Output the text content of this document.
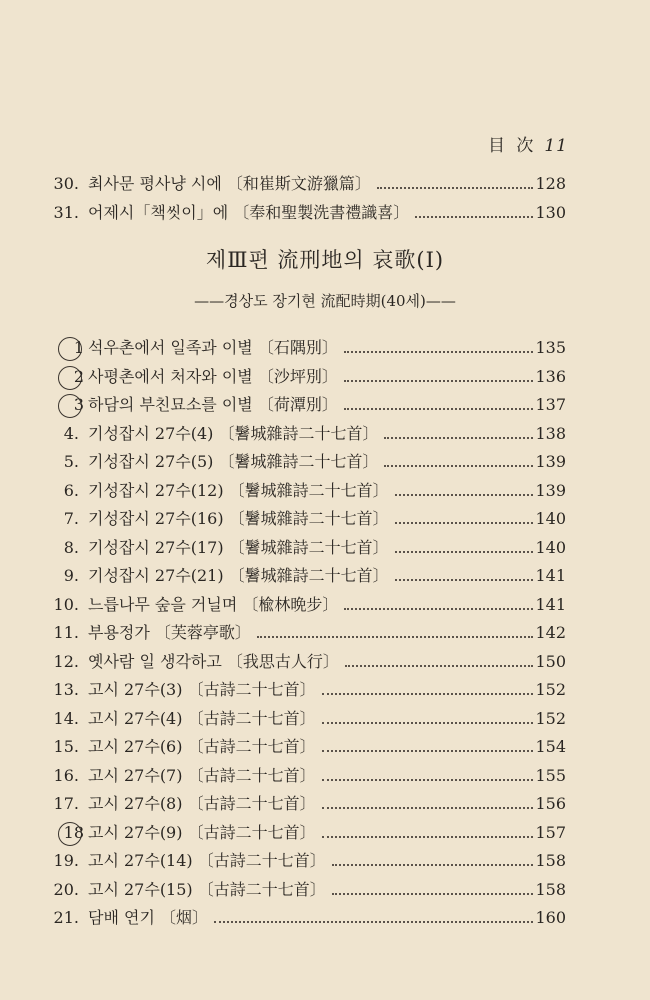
目 次 11
30. 최사문 평사냥 시에 〔和崔斯文游獵篇〕	128
31. 어제시「책씻이」에 〔奉和聖製洗書禮識喜〕	130
제Ⅲ편 流刑地의 哀歌(Ⅰ)
——경상도 장기현 流配時期(40세)——
1 석우촌에서 일족과 이별 〔石隅別〕	135
2 사평촌에서 처자와 이별 〔沙坪別〕	136
3 하담의 부친묘소를 이별 〔荷潭別〕	137
4. 기성잡시 27수(4) 〔鬐城雜詩二十七首〕	138
5. 기성잡시 27수(5) 〔鬐城雜詩二十七首〕	139
6. 기성잡시 27수(12) 〔鬐城雜詩二十七首〕	139
7. 기성잡시 27수(16) 〔鬐城雜詩二十七首〕	140
8. 기성잡시 27수(17) 〔鬐城雜詩二十七首〕	140
9. 기성잡시 27수(21) 〔鬐城雜詩二十七首〕	141
10. 느릅나무 숲을 거닐며 〔楡林晩步〕	141
11. 부용정가 〔芙蓉亭歌〕	142
12. 옛사람 일 생각하고 〔我思古人行〕	150
13. 고시 27수(3) 〔古詩二十七首〕	152
14. 고시 27수(4) 〔古詩二十七首〕	152
15. 고시 27수(6) 〔古詩二十七首〕	154
16. 고시 27수(7) 〔古詩二十七首〕	155
17. 고시 27수(8) 〔古詩二十七首〕	156
18 고시 27수(9) 〔古詩二十七首〕	157
19. 고시 27수(14) 〔古詩二十七首〕	158
20. 고시 27수(15) 〔古詩二十七首〕	158
21. 담배 연기 〔烟〕	160
